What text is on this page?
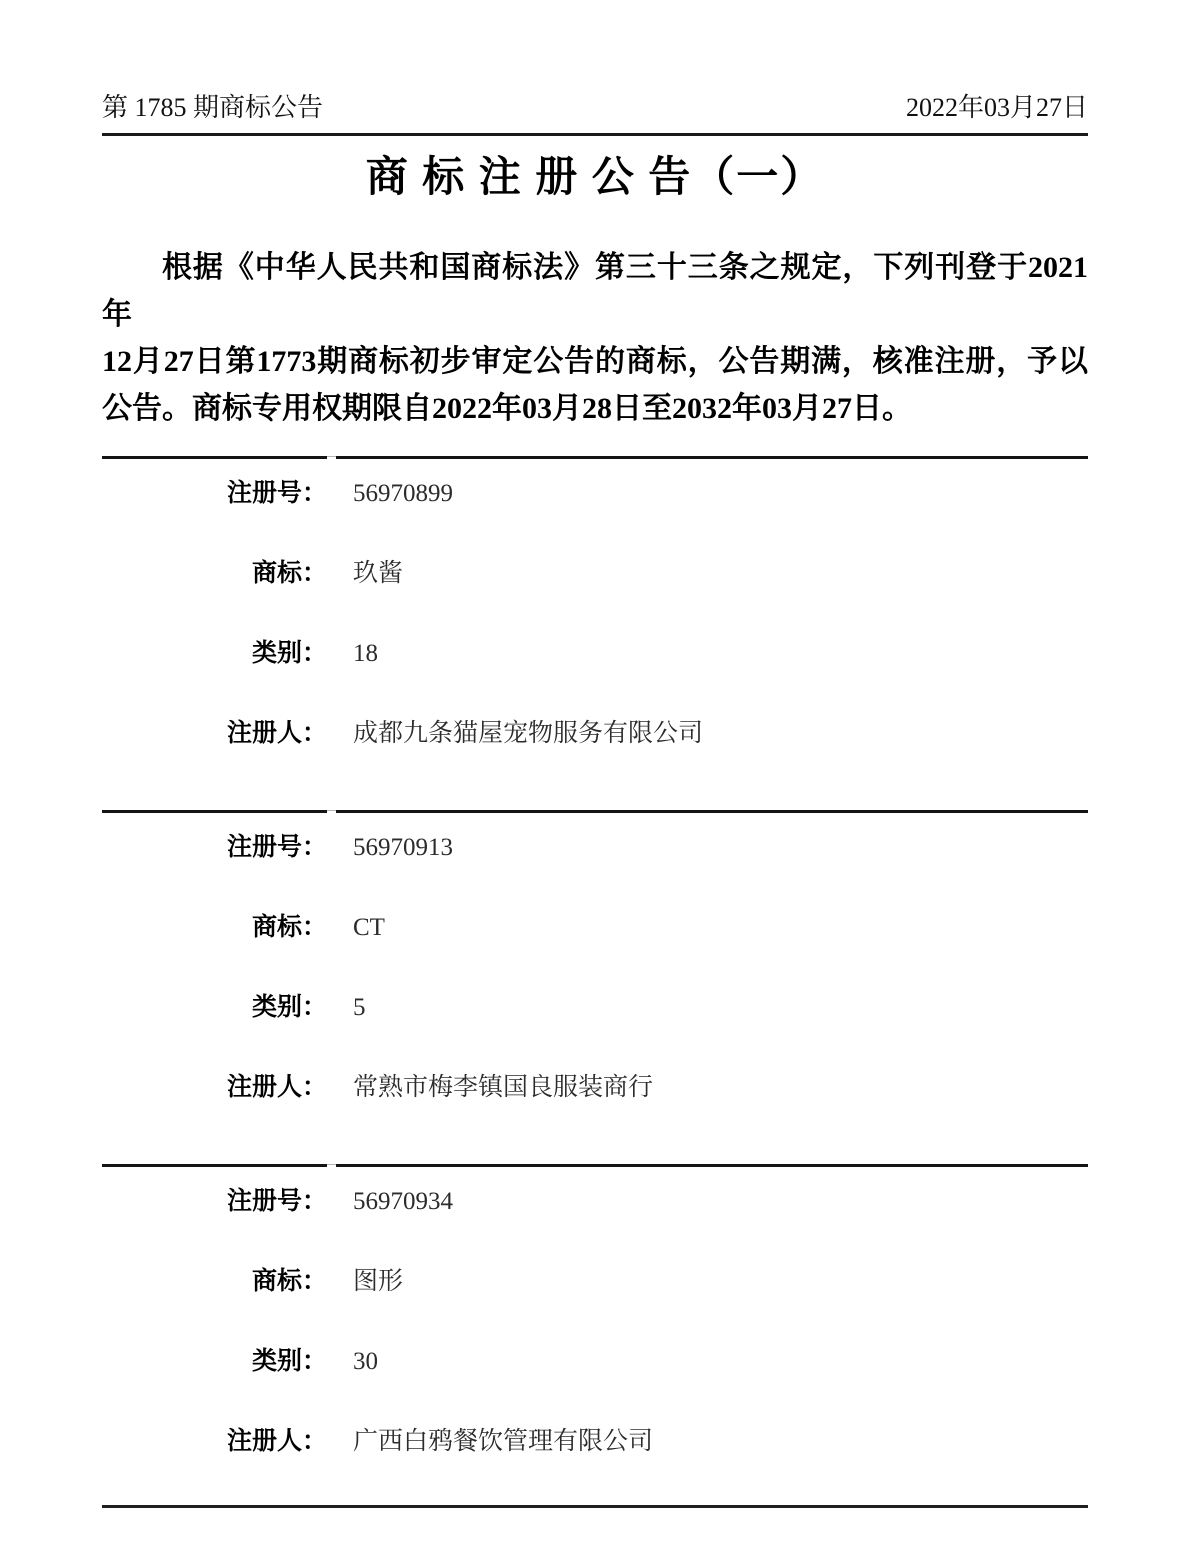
第 1785 期商标公告	2022年03月27日
商 标 注 册 公 告（一）
根据《中华人民共和国商标法》第三十三条之规定，下列刊登于2021年
12月27日第1773期商标初步审定公告的商标，公告期满，核准注册，予以
公告。商标专用权期限自2022年03月28日至2032年03月27日。
注册号：	56970899
商标：	玖酱
类别：	18
注册人：	成都九条猫屋宠物服务有限公司
注册号：	56970913
商标：	CT
类别：	5
注册人：	常熟市梅李镇国良服装商行
注册号：	56970934
商标：	图形
类别：	30
注册人：	广西白鸦餐饮管理有限公司
